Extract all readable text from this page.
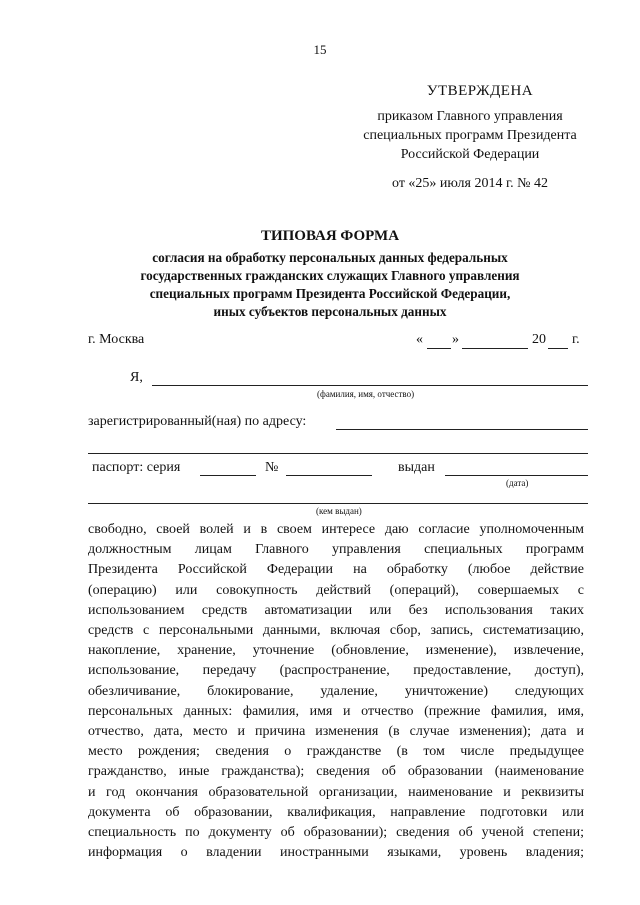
15
УТВЕРЖДЕНА
приказом Главного управления
специальных программ Президента
Российской Федерации
от «25» июля 2014 г. № 42
ТИПОВАЯ ФОРМА
согласия на обработку персональных данных федеральных
государственных гражданских служащих Главного управления
специальных программ Президента Российской Федерации,
иных субъектов персональных данных
г. Москва	« »	20 г.
Я,
(фамилия, имя, отчество)
зарегистрированный(ная) по адресу:
паспорт: серия	№	выдан
(дата)
(кем выдан)
свободно, своей волей и в своем интересе даю согласие уполномоченным
должностным лицам Главного управления специальных программ
Президента Российской Федерации на обработку (любое действие
(операцию) или совокупность действий (операций), совершаемых с
использованием средств автоматизации или без использования таких
средств с персональными данными, включая сбор, запись, систематизацию,
накопление, хранение, уточнение (обновление, изменение), извлечение,
использование, передачу (распространение, предоставление, доступ),
обезличивание, блокирование, удаление, уничтожение) следующих
персональных данных: фамилия, имя и отчество (прежние фамилия, имя,
отчество, дата, место и причина изменения (в случае изменения); дата и
место рождения; сведения о гражданстве (в том числе предыдущее
гражданство, иные гражданства); сведения об образовании (наименование
и год окончания образовательной организации, наименование и реквизиты
документа об образовании, квалификация, направление подготовки или
специальность по документу об образовании); сведения об ученой степени;
информация о владении иностранными языками, уровень владения;
